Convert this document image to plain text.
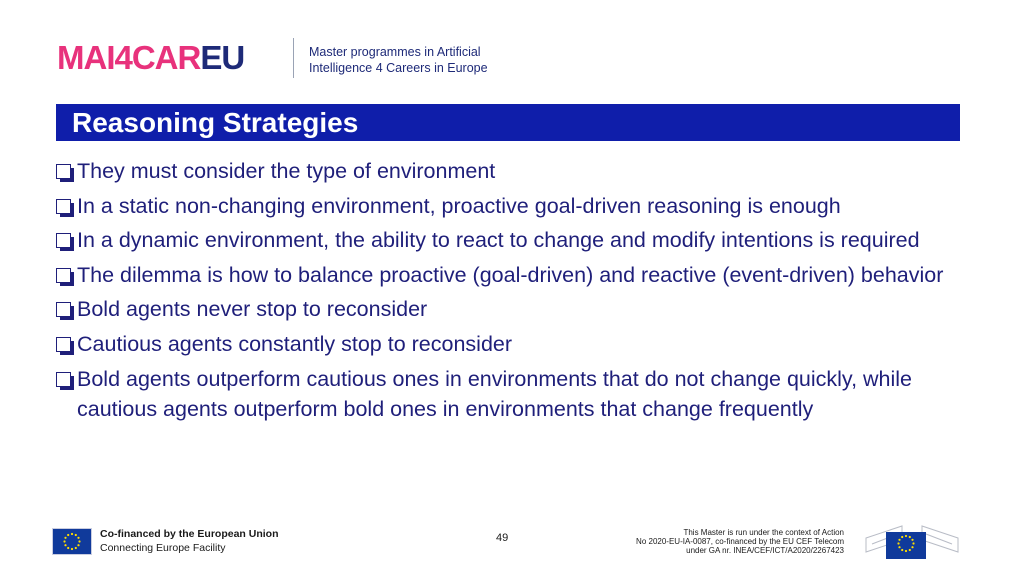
MAI4CAR EU	Master programmes in Artificial
Intelligence 4 Careers in Europe
Reasoning Strategies
They must consider the type of environment
In a static non-changing environment, proactive goal-driven reasoning is enough
In a dynamic environment, the ability to react to change and modify intentions is required
The dilemma is how to balance proactive (goal-driven) and reactive (event-driven) behavior
Bold agents never stop to reconsider
Cautious agents constantly stop to reconsider
Bold agents outperform cautious ones in environments that do not change quickly, while cautious agents outperform bold ones in environments that change frequently
Co-financed by the European Union
Connecting Europe Facility
49	This Master is run under the context of Action
No 2020-EU-IA-0087, co-financed by the EU CEF Telecom
under GA nr. INEA/CEF/ICT/A2020/2267423
